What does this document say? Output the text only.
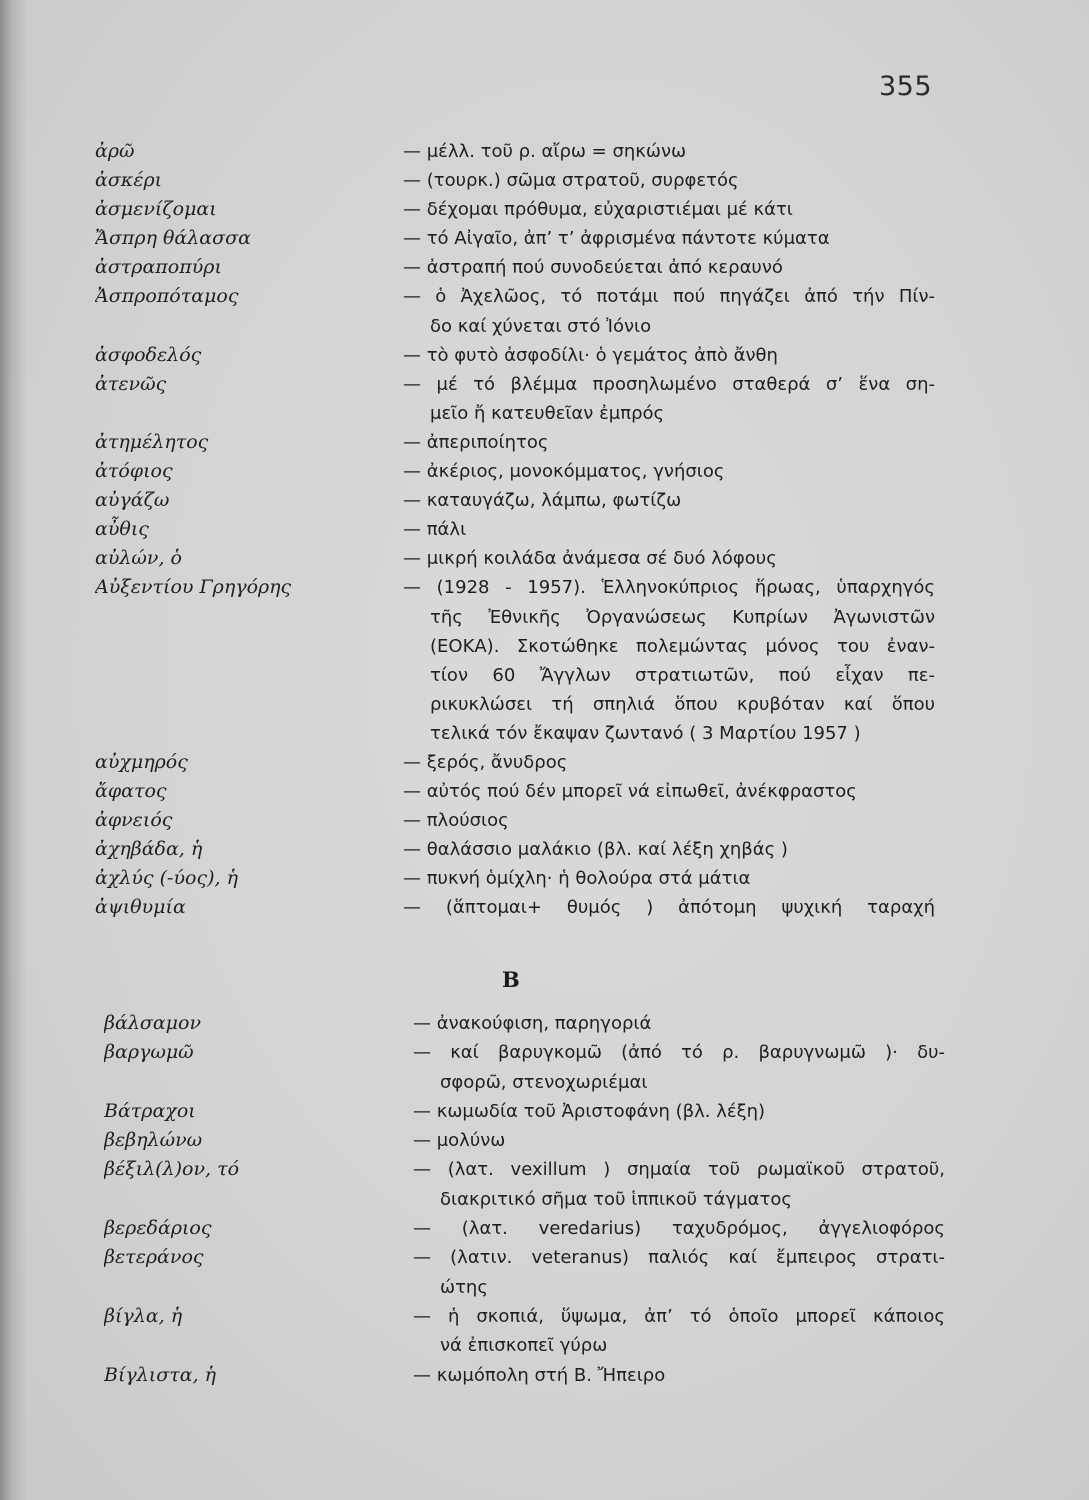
355
ἀρῶ	— μέλλ. τοῦ ρ. αἴρω = σηκώνω
ἀσκέρι	— (τουρκ.) σῶμα στρατοῦ, συρφετός
ἀσμενίζομαι	— δέχομαι πρόθυμα, εὐχαριστιέμαι μέ κάτι
Ἄσπρη θάλασσα	— τό Αἰγαῖο, ἀπ’ τ’ ἀφρισμένα πάντοτε κύματα
ἀστραποπύρι	— ἀστραπή πού συνοδεύεται ἀπό κεραυνό
Ἀσπροπόταμος	— ὁ Ἀχελῶος, τό ποτάμι πού πηγάζει ἀπό τήν Πίν-
δο καί χύνεται στό Ἰόνιο
ἀσφοδελός	— τὸ φυτὸ ἀσφοδίλι· ὁ γεμάτος ἀπὸ ἄνθη
ἀτενῶς	— μέ τό βλέμμα προσηλωμένο σταθερά σ’ ἕνα ση-
μεῖο ἤ κατευθεῖαν ἐμπρός
ἀτημέλητος	— ἀπεριποίητος
ἀτόφιος	— ἀκέριος, μονοκόμματος, γνήσιος
αὐγάζω	— καταυγάζω, λάμπω, φωτίζω
αὖθις	— πάλι
αὐλών, ὁ	— μικρή κοιλάδα ἀνάμεσα σέ δυό λόφους
Αὐξεντίου Γρηγόρης	— (1928 - 1957). Ἑλληνοκύπριος ἥρωας, ὑπαρχηγός
τῆς Ἐθνικῆς Ὀργανώσεως Κυπρίων Ἀγωνιστῶν
(ΕΟΚΑ). Σκοτώθηκε πολεμώντας μόνος του ἐναν-
τίον 60 Ἄγγλων στρατιωτῶν, πού εἶχαν πε-
ρικυκλώσει τή σπηλιά ὅπου κρυβόταν καί ὅπου
τελικά τόν ἔκαψαν ζωντανό ( 3 Μαρτίου 1957 )
αὐχμηρός	— ξερός, ἄνυδρος
ἄφατος	— αὐτός πού δέν μπορεῖ νά εἰπωθεῖ, ἀνέκφραστος
ἀφνειός	— πλούσιος
ἀχηβάδα, ἡ	— θαλάσσιο μαλάκιο (βλ. καί λέξη χηβάς )
ἀχλύς (-ύος), ἡ	— πυκνή ὁμίχλη· ἡ θολούρα στά μάτια
ἀψιθυμία	— (ἅπτομαι+ θυμός ) ἀπότομη ψυχική ταραχή
Β
βάλσαμον	— ἀνακούφιση, παρηγοριά
βαργωμῶ	— καί βαρυγκομῶ (ἀπό τό ρ. βαρυγνωμῶ )· δυ-
σφορῶ, στενοχωριέμαι
Βάτραχοι	— κωμωδία τοῦ Ἀριστοφάνη (βλ. λέξη)
βεβηλώνω	— μολύνω
βέξιλ(λ)ον, τό	— (λατ. vexillum ) σημαία τοῦ ρωμαϊκοῦ στρατοῦ,
διακριτικό σῆμα τοῦ ἱππικοῦ τάγματος
βερεδάριος	— (λατ. veredarius) ταχυδρόμος, ἀγγελιοφόρος
βετεράνος	— (λατιν. veteranus) παλιός καί ἔμπειρος στρατι-
ώτης
βίγλα, ἡ	— ἡ σκοπιά, ὕψωμα, ἀπ’ τό ὁποῖο μπορεῖ κάποιος
νά ἐπισκοπεῖ γύρω
Βίγλιστα, ἡ	— κωμόπολη στή Β. Ἤπειρο
